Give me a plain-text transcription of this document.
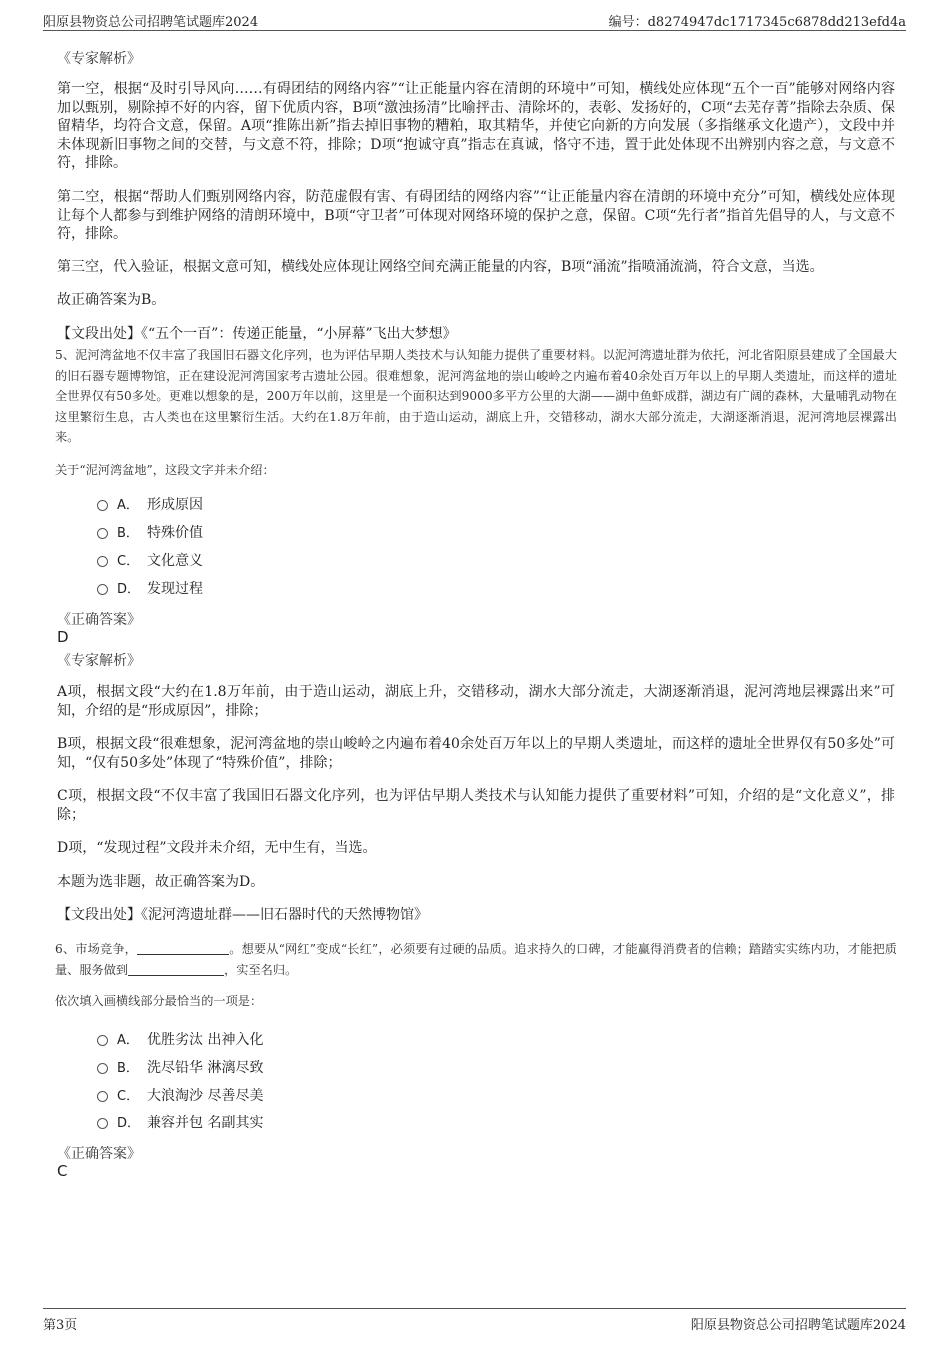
阳原县物资总公司招聘笔试题库2024	编号：d8274947dc1717345c6878dd213efd4a
《专家解析》
第一空，根据“及时引导风向……有碍团结的网络内容”“让正能量内容在清朗的环境中”可知，横线处应体现“五个一百”能够对网络内容加以甄别，剔除掉不好的内容，留下优质内容，B项“激浊扬清”比喻抨击、清除坏的，表彰、发扬好的，C项“去芜存菁”指除去杂质、保留精华，均符合文意，保留。A项“推陈出新”指去掉旧事物的糟粕，取其精华，并使它向新的方向发展（多指继承文化遗产），文段中并未体现新旧事物之间的交替，与文意不符，排除；D项“抱诚守真”指志在真诚，恪守不违，置于此处体现不出辨别内容之意，与文意不符，排除。
第二空，根据“帮助人们甄别网络内容，防范虚假有害、有碍团结的网络内容”“让正能量内容在清朗的环境中充分”可知，横线处应体现让每个人都参与到维护网络的清朗环境中，B项“守卫者”可体现对网络环境的保护之意，保留。C项“先行者”指首先倡导的人，与文意不符，排除。
第三空，代入验证，根据文意可知，横线处应体现让网络空间充满正能量的内容，B项“涌流”指喷涌流淌，符合文意，当选。
故正确答案为B。
【文段出处】《“五个一百”：传递正能量，“小屏幕”飞出大梦想》
5、泥河湾盆地不仅丰富了我国旧石器文化序列，也为评估早期人类技术与认知能力提供了重要材料。以泥河湾遗址群为依托，河北省阳原县建成了全国最大的旧石器专题博物馆，正在建设泥河湾国家考古遗址公园。很难想象，泥河湾盆地的崇山峻岭之内遍布着40余处百万年以上的早期人类遗址，而这样的遗址全世界仅有50多处。更难以想象的是，200万年以前，这里是一个面积达到9000多平方公里的大湖——湖中鱼虾成群，湖边有广阔的森林，大量哺乳动物在这里繁衍生息，古人类也在这里繁衍生活。大约在1.8万年前，由于造山运动，湖底上升，交错移动，湖水大部分流走，大湖逐渐消退，泥河湾地层裸露出来。
关于“泥河湾盆地”，这段文字并未介绍：
A． 形成原因
B． 特殊价值
C． 文化意义
D． 发现过程
《正确答案》
D
《专家解析》
A项，根据文段“大约在1.8万年前，由于造山运动，湖底上升，交错移动，湖水大部分流走，大湖逐渐消退，泥河湾地层裸露出来”可知，介绍的是“形成原因”，排除；
B项，根据文段“很难想象，泥河湾盆地的崇山峻岭之内遍布着40余处百万年以上的早期人类遗址，而这样的遗址全世界仅有50多处”可知，“仅有50多处”体现了“特殊价值”，排除；
C项，根据文段“不仅丰富了我国旧石器文化序列，也为评估早期人类技术与认知能力提供了重要材料”可知，介绍的是“文化意义”，排除；
D项，“发现过程”文段并未介绍，无中生有，当选。
本题为选非题，故正确答案为D。
【文段出处】《泥河湾遗址群——旧石器时代的天然博物馆》
6、市场竞争，	。想要从“网红”变成“长红”，必须要有过硬的品质。追求持久的口碑，才能赢得消费者的信赖；踏踏实实练内功，才能把质量、服务做到	，实至名归。
依次填入画横线部分最恰当的一项是：
A． 优胜劣汰 出神入化
B． 洗尽铅华 淋漓尽致
C． 大浪淘沙 尽善尽美
D． 兼容并包 名副其实
《正确答案》
C
第3页	阳原县物资总公司招聘笔试题库2024
